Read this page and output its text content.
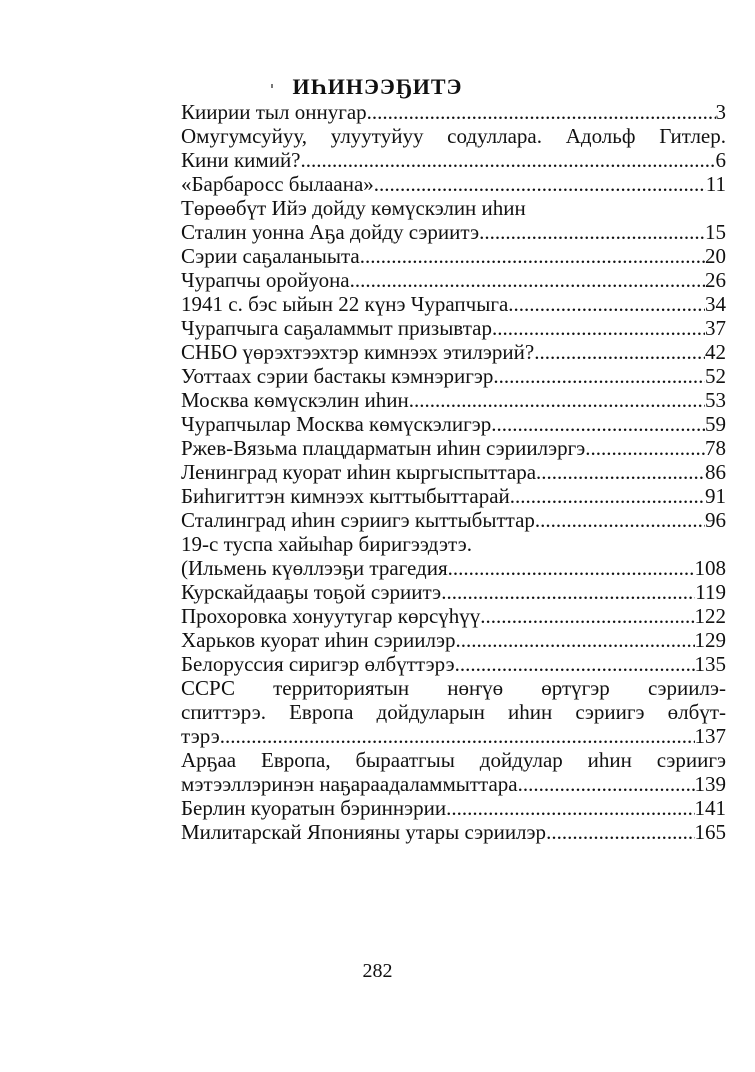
ИҺИНЭЭҔИТЭ
Киирии тыл оннугар .....	3
Омугумсуйуу, улуутуйуу содуллара. Адольф Гитлер.
Кини кимий? .....	6
«Барбаросс былаана» .....	11
Төрөөбүт Ийэ дойду көмүскэлин иһин
Сталин уонна Аҕа дойду сэриитэ .....	15
Сэрии саҕаланыыта .....	20
Чурапчы оройуона .....	26
1941 с. бэс ыйын 22 күнэ Чурапчыга .....	34
Чурапчыга саҕаламмыт призывтар .....	37
СНБО үөрэхтээхтэр кимнээх этилэрий? .....	42
Уоттаах сэрии бастакы кэмнэригэр .....	52
Москва көмүскэлин иһин .....	53
Чурапчылар Москва көмүскэлигэр .....	59
Ржев-Вязьма плацдарматын иһин сэриилэргэ .....	78
Ленинград куорат иһин кыргыспыттара .....	86
Биһигиттэн кимнээх кыттыбыттарай .....	91
Сталинград иһин сэриигэ кыттыбыттар .....	96
19-с туспа хайыһар биригээдэтэ.
(Ильмень күөллээҕи трагедия .....	108
Курскайдааҕы тоҕой сэриитэ .....	119
Прохоровка хонуутугар көрсүһүү .....	122
Харьков куорат иһин сэриилэр .....	129
Белоруссия сиригэр өлбүттэрэ .....	135
ССРС территориятын нөҥүө өртүгэр сэриилэ-
спиттэрэ. Европа дойдуларын иһин сэриигэ өлбүт-
тэрэ .....	137
Арҕаа Европа, быраатгыы дойдулар иһин сэриигэ
мэтээллэринэн наҕараадаламмыттара .....	139
Берлин куоратын бэриннэрии .....	141
Милитарскай Японияны утары сэриилэр .....	165
282
